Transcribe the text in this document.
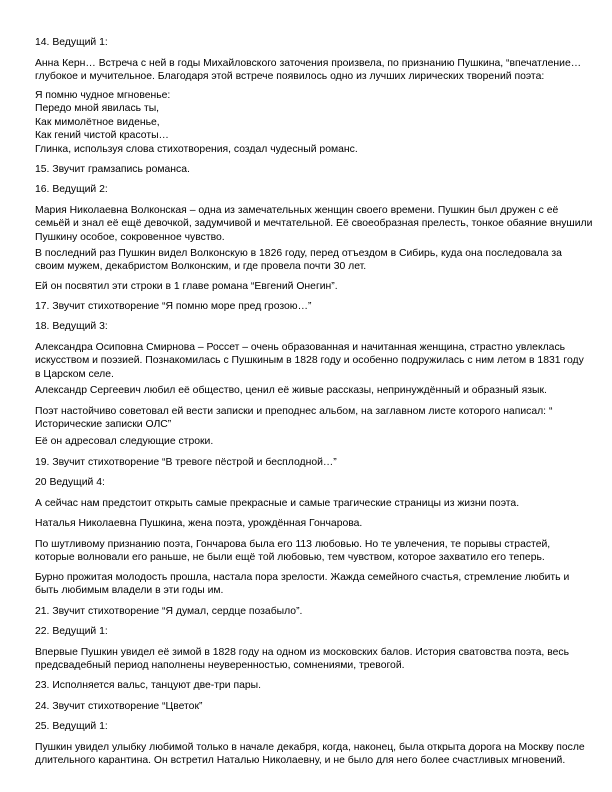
14. Ведущий 1:
Анна Керн… Встреча с ней в годы Михайловского заточения произвела, по признанию Пушкина, “впечатление…
глубокое и мучительное. Благодаря этой встрече появилось одно из лучших лирических творений поэта:
Я помню чудное мгновенье:
Передо мной явилась ты,
Как мимолётное виденье,
Как гений чистой красоты…
Глинка, используя слова стихотворения, создал чудесный романс.
15. Звучит грамзапись романса.
16. Ведущий 2:
Мария Николаевна Волконская – одна из замечательных женщин своего времени. Пушкин был дружен с её
семьёй и знал её ещё девочкой, задумчивой и мечтательной. Её своеобразная прелесть, тонкое обаяние внушили
Пушкину особое, сокровенное чувство.
В последний раз Пушкин видел Волконскую в 1826 году, перед отъездом в Сибирь, куда она последовала за
своим мужем, декабристом Волконским, и где провела почти 30 лет.
Ей он посвятил эти строки в 1 главе романа “Евгений Онегин”.
17. Звучит стихотворение “Я помню море пред грозою…”
18. Ведущий 3:
Александра Осиповна Смирнова – Россет – очень образованная и начитанная женщина, страстно увлеклась
искусством и поэзией. Познакомилась с Пушкиным в 1828 году и особенно подружилась с ним летом в 1831 году
в Царском селе.
Александр Сергеевич любил её общество, ценил её живые рассказы, непринуждённый и образный язык.
Поэт настойчиво советовал ей вести записки и преподнес альбом, на заглавном листе которого написал: “
Исторические записки ОЛС”
Её он адресовал следующие строки.
19. Звучит стихотворение “В тревоге пёстрой и бесплодной…”
20 Ведущий 4:
А сейчас нам предстоит открыть самые прекрасные и самые трагические страницы из жизни поэта.
Наталья Николаевна Пушкина, жена поэта, урождённая Гончарова.
По шутливому признанию поэта, Гончарова была его 113 любовью. Но те увлечения, те порывы страстей,
которые волновали его раньше, не были ещё той любовью, тем чувством, которое захватило его теперь.
Бурно прожитая молодость прошла, настала пора зрелости. Жажда семейного счастья, стремление любить и
быть любимым владели в эти годы им.
21. Звучит стихотворение “Я думал, сердце позабыло”.
22. Ведущий 1:
Впервые Пушкин увидел её зимой в 1828 году на одном из московских балов. История сватовства поэта, весь
предсвадебный период наполнены неуверенностью, сомнениями, тревогой.
23. Исполняется вальс, танцуют две-три пары.
24. Звучит стихотворение “Цветок”
25. Ведущий 1:
Пушкин увидел улыбку любимой только в начале декабря, когда, наконец, была открыта дорога на Москву после
длительного карантина. Он встретил Наталью Николаевну, и не было для него более счастливых мгновений.
